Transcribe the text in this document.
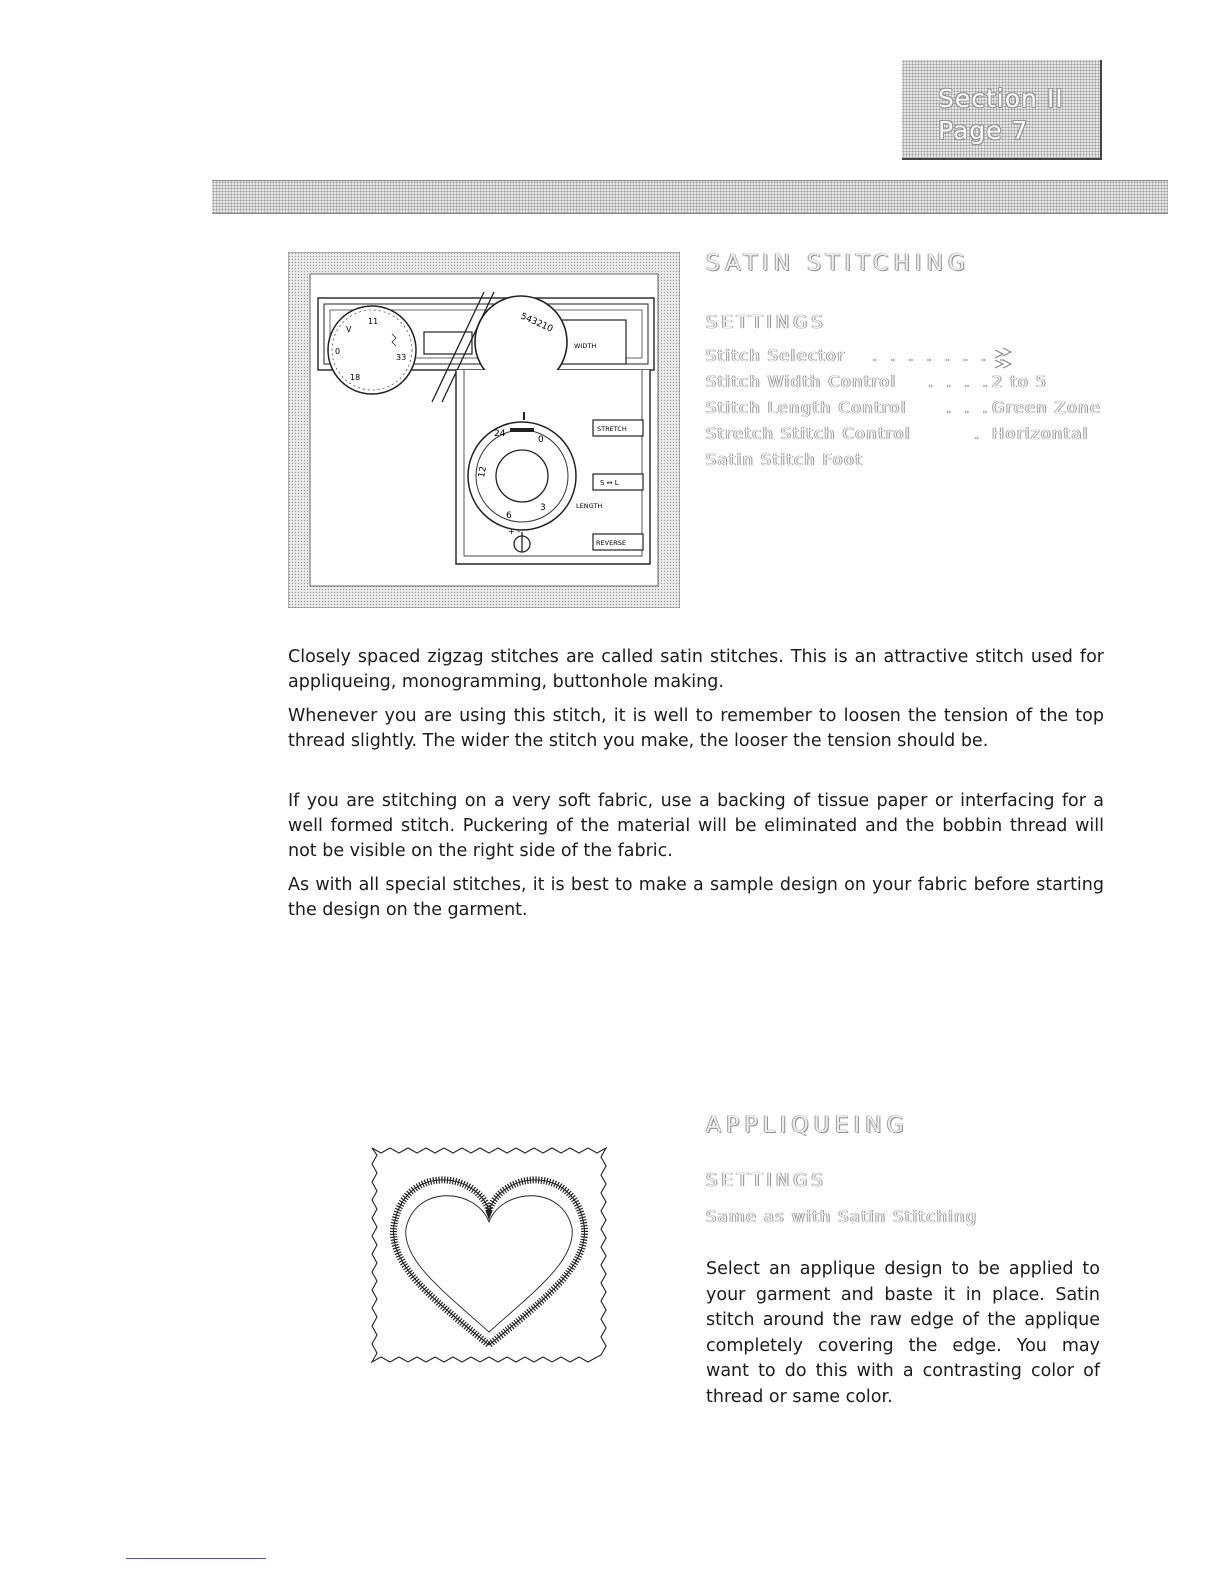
Section II
Page 7
WIDTH
11
V
0
18
33
543210
24
0
12
6
3	LENGTH
+ -
STRETCH
S ↔ L
REVERSE
SATIN STITCHING
SETTINGS
Stitch Selector . . . . . . . .
Stitch Width Control . . . . 2 to 5
Stitch Length Control . . . Green Zone
Stretch Stitch Control	. Horizontal
Satin Stitch Foot

Closely spaced zigzag stitches are called satin stitches. This is an attractive stitch used for appliqueing, monogramming, buttonhole making.

Whenever you are using this stitch, it is well to remember to loosen the tension of the top thread slightly. The wider the stitch you make, the looser the tension should be.

If you are stitching on a very soft fabric, use a backing of tissue paper or interfacing for a well formed stitch. Puckering of the material will be eliminated and the bobbin thread will not be visible on the right side of the fabric.

As with all special stitches, it is best to make a sample design on your fabric before starting the design on the garment.

APPLIQUEING
SETTINGS
Same as with Satin Stitching

Select an applique design to be applied to your garment and baste it in place. Satin stitch around the raw edge of the applique completely covering the edge. You may want to do this with a contrasting color of thread or same color.
